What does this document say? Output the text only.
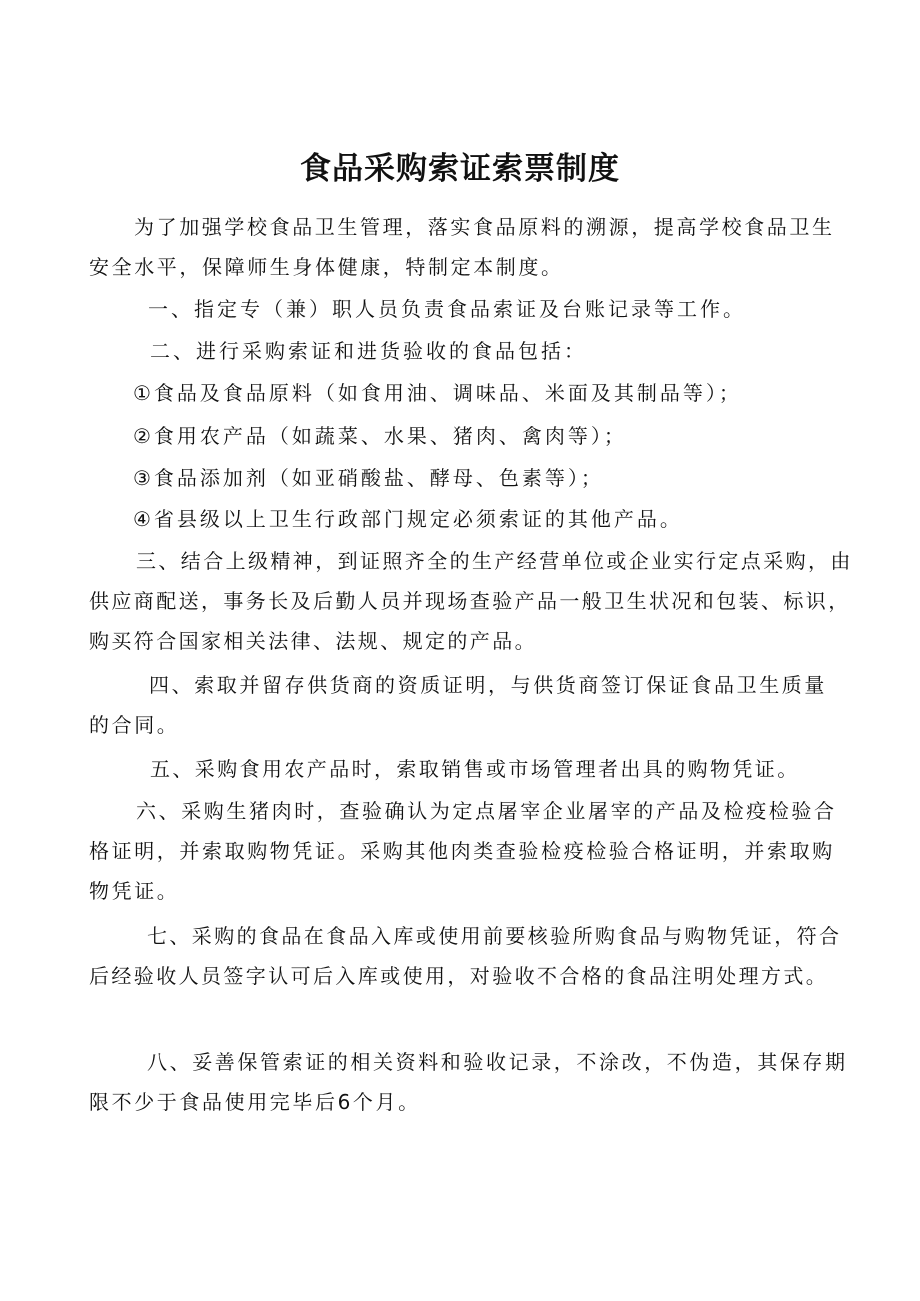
食品采购索证索票制度

为了加强学校食品卫生管理，落实食品原料的溯源，提高学校食品卫生安全水平，保障师生身体健康，特制定本制度。

一、指定专（兼）职人员负责食品索证及台账记录等工作。

二、进行采购索证和进货验收的食品包括：

①食品及食品原料（如食用油、调味品、米面及其制品等）；

②食用农产品（如蔬菜、水果、猪肉、禽肉等）；

③食品添加剂（如亚硝酸盐、酵母、色素等）；

④省县级以上卫生行政部门规定必须索证的其他产品。

三、结合上级精神，到证照齐全的生产经营单位或企业实行定点采购，由供应商配送，事务长及后勤人员并现场查验产品一般卫生状况和包装、标识，购买符合国家相关法律、法规、规定的产品。

四、索取并留存供货商的资质证明，与供货商签订保证食品卫生质量的合同。

五、采购食用农产品时，索取销售或市场管理者出具的购物凭证。

六、采购生猪肉时，查验确认为定点屠宰企业屠宰的产品及检疫检验合格证明，并索取购物凭证。采购其他肉类查验检疫检验合格证明，并索取购物凭证。

七、采购的食品在食品入库或使用前要核验所购食品与购物凭证，符合后经验收人员签字认可后入库或使用，对验收不合格的食品注明处理方式。

八、妥善保管索证的相关资料和验收记录，不涂改，不伪造，其保存期限不少于食品使用完毕后6个月。
